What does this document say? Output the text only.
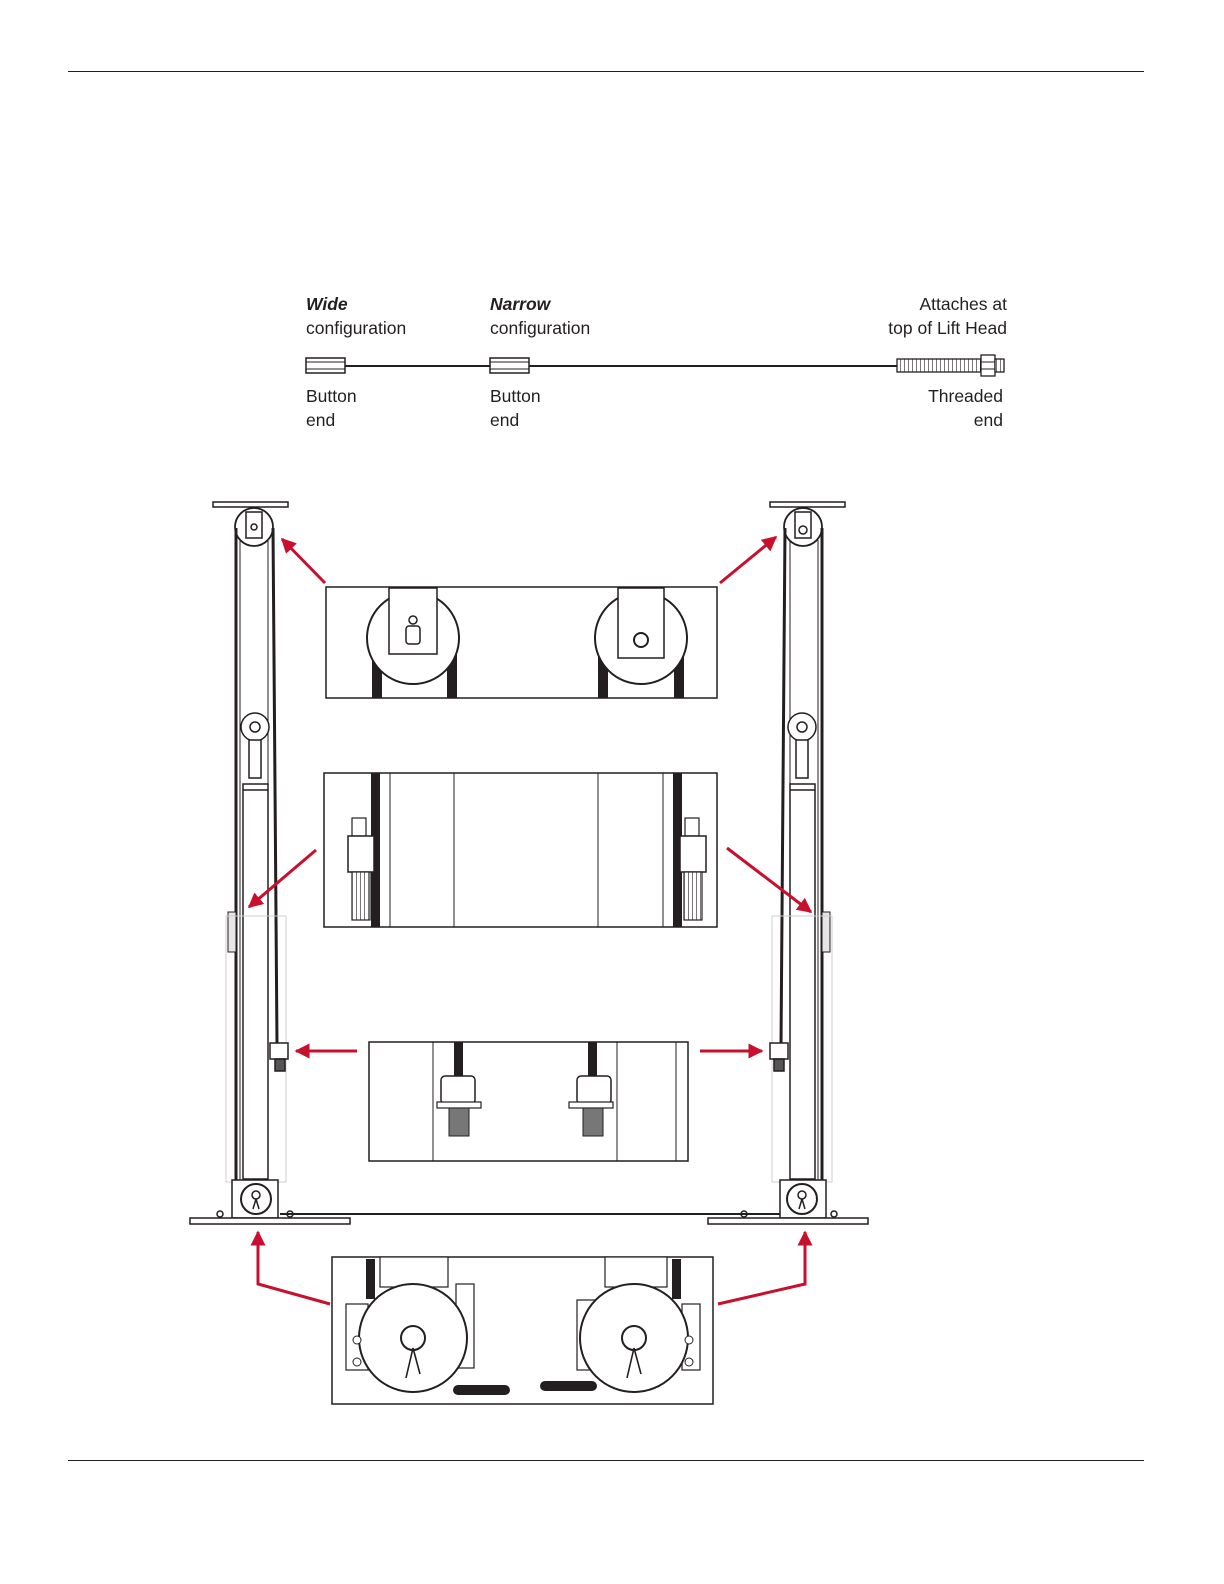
Wide
configuration
Narrow
configuration
Attaches at
top of Lift Head
Button
end
Button
end
Threaded
end
